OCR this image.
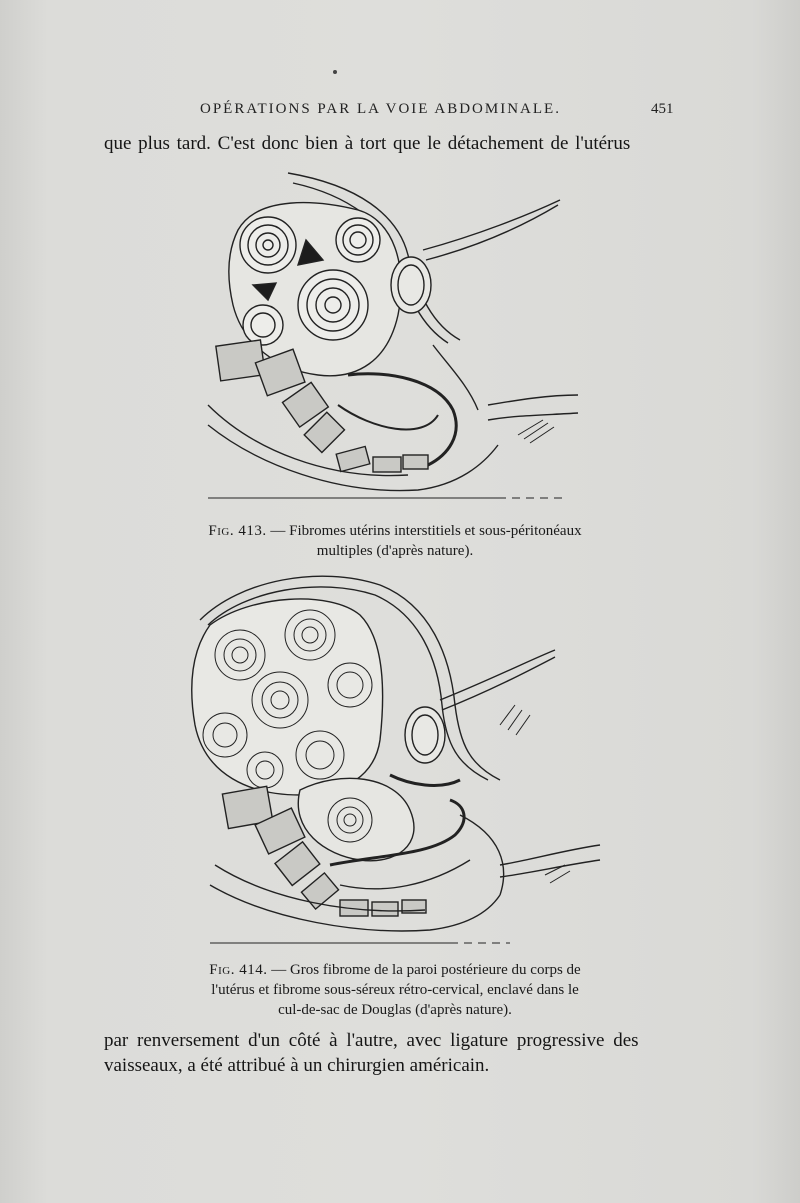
OPÉRATIONS PAR LA VOIE ABDOMINALE.	451
que plus tard. C'est donc bien à tort que le détachement de l'utérus
Fig. 413. — Fibromes utérins interstitiels et sous-péritonéaux
multiples (d'après nature).
Fig. 414. — Gros fibrome de la paroi postérieure du corps de
l'utérus et fibrome sous-séreux rétro-cervical, enclavé dans le
cul-de-sac de Douglas (d'après nature).
par renversement d'un côté à l'autre, avec ligature progressive des
vaisseaux, a été attribué à un chirurgien américain.
